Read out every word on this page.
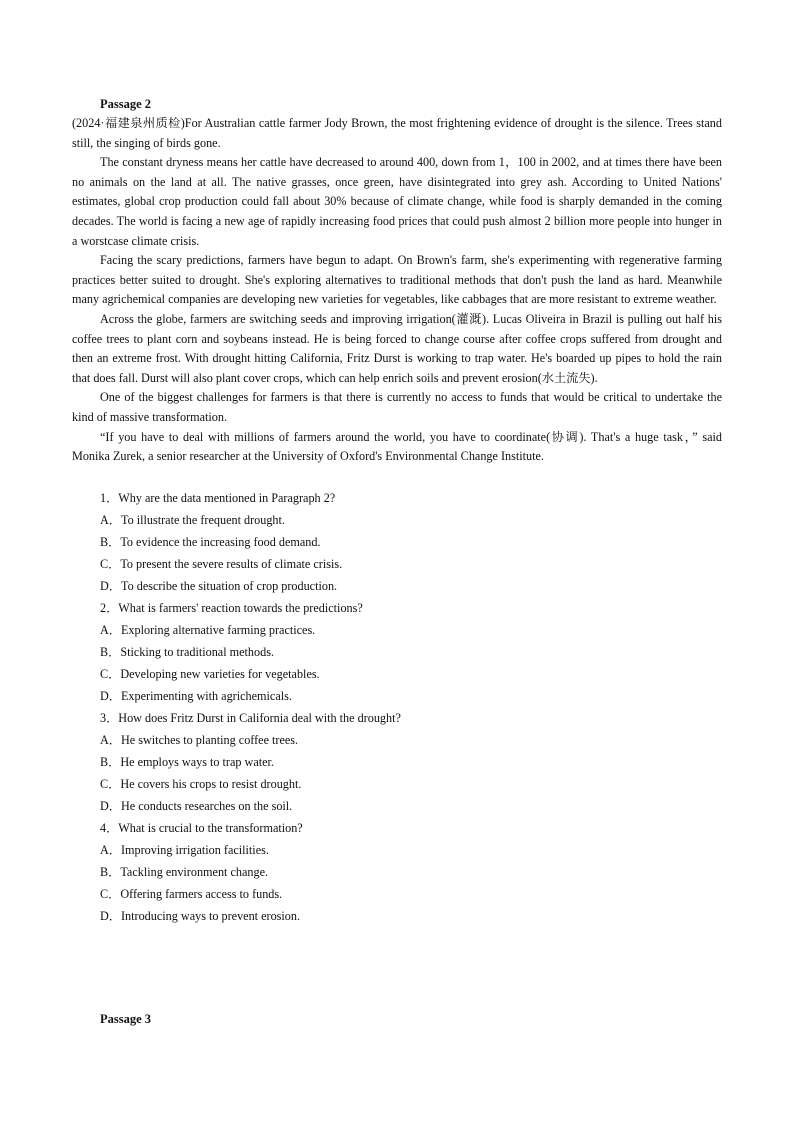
Passage 2

(2024·福建泉州质检)For Australian cattle farmer Jody Brown, the most frightening evidence of drought is the silence. Trees stand still, the singing of birds gone.

The constant dryness means her cattle have decreased to around 400, down from 1，100 in 2002, and at times there have been no animals on the land at all. The native grasses, once green, have disintegrated into grey ash. According to United Nations' estimates, global crop production could fall about 30% because of climate change, while food is sharply demanded in the coming decades. The world is facing a new age of rapidly increasing food prices that could push almost 2 billion more people into hunger in a worstcase climate crisis.

Facing the scary predictions, farmers have begun to adapt. On Brown's farm, she's experimenting with regenerative farming practices better suited to drought. She's exploring alternatives to traditional methods that don't push the land as hard. Meanwhile many agrichemical companies are developing new varieties for vegetables, like cabbages that are more resistant to extreme weather.

Across the globe, farmers are switching seeds and improving irrigation(灌溉). Lucas Oliveira in Brazil is pulling out half his coffee trees to plant corn and soybeans instead. He is being forced to change course after coffee crops suffered from drought and then an extreme frost. With drought hitting California, Fritz Durst is working to trap water. He's boarded up pipes to hold the rain that does fall. Durst will also plant cover crops, which can help enrich soils and prevent erosion(水土流失).

One of the biggest challenges for farmers is that there is currently no access to funds that would be critical to undertake the kind of massive transformation.

“If you have to deal with millions of farmers around the world, you have to coordinate(协调). That's a huge task，” said Monika Zurek, a senior researcher at the University of Oxford's Environmental Change Institute.

1．Why are the data mentioned in Paragraph 2?

A．To illustrate the frequent drought.

B．To evidence the increasing food demand.

C．To present the severe results of climate crisis.

D．To describe the situation of crop production.

2．What is farmers' reaction towards the predictions?

A．Exploring alternative farming practices.

B．Sticking to traditional methods.

C．Developing new varieties for vegetables.

D．Experimenting with agrichemicals.

3．How does Fritz Durst in California deal with the drought?

A．He switches to planting coffee trees.

B．He employs ways to trap water.

C．He covers his crops to resist drought.

D．He conducts researches on the soil.

4．What is crucial to the transformation?

A．Improving irrigation facilities.

B．Tackling environment change.

C．Offering farmers access to funds.

D．Introducing ways to prevent erosion.

Passage 3
